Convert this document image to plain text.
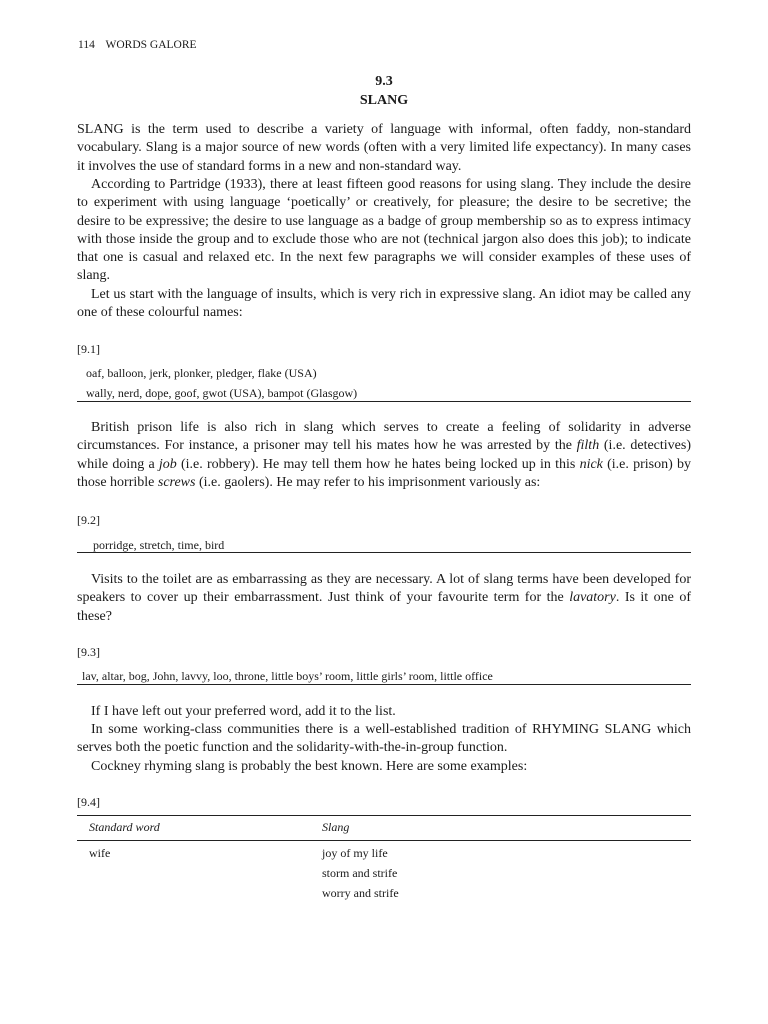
114 WORDS GALORE
9.3
SLANG

SLANG is the term used to describe a variety of language with informal, often faddy, non-standard vocabulary. Slang is a major source of new words (often with a very limited life expectancy). In many cases it involves the use of standard forms in a new and non-standard way.

According to Partridge (1933), there at least fifteen good reasons for using slang. They include the desire to experiment with using language ‘poetically’ or creatively, for pleasure; the desire to be secretive; the desire to be expressive; the desire to use language as a badge of group membership so as to express intimacy with those inside the group and to exclude those who are not (technical jargon also does this job); to indicate that one is casual and relaxed etc. In the next few paragraphs we will consider examples of these uses of slang.

Let us start with the language of insults, which is very rich in expressive slang. An idiot may be called any one of these colourful names:

[9.1]
oaf, balloon, jerk, plonker, pledger, flake (USA)
wally, nerd, dope, goof, gwot (USA), bampot (Glasgow)

British prison life is also rich in slang which serves to create a feeling of solidarity in adverse circumstances. For instance, a prisoner may tell his mates how he was arrested by the filth (i.e. detectives) while doing a job (i.e. robbery). He may tell them how he hates being locked up in this nick (i.e. prison) by those horrible screws (i.e. gaolers). He may refer to his imprisonment variously as:

[9.2]
porridge, stretch, time, bird

Visits to the toilet are as embarrassing as they are necessary. A lot of slang terms have been developed for speakers to cover up their embarrassment. Just think of your favourite term for the lavatory. Is it one of these?

[9.3]
lav, altar, bog, John, lavvy, loo, throne, little boys’ room, little girls’ room, little office

If I have left out your preferred word, add it to the list.

In some working-class communities there is a well-established tradition of RHYMING SLANG which serves both the poetic function and the solidarity-with-the-in-group function.

Cockney rhyming slang is probably the best known. Here are some examples:

[9.4]
Standard word	Slang
wife	joy of my life
storm and strife
worry and strife
